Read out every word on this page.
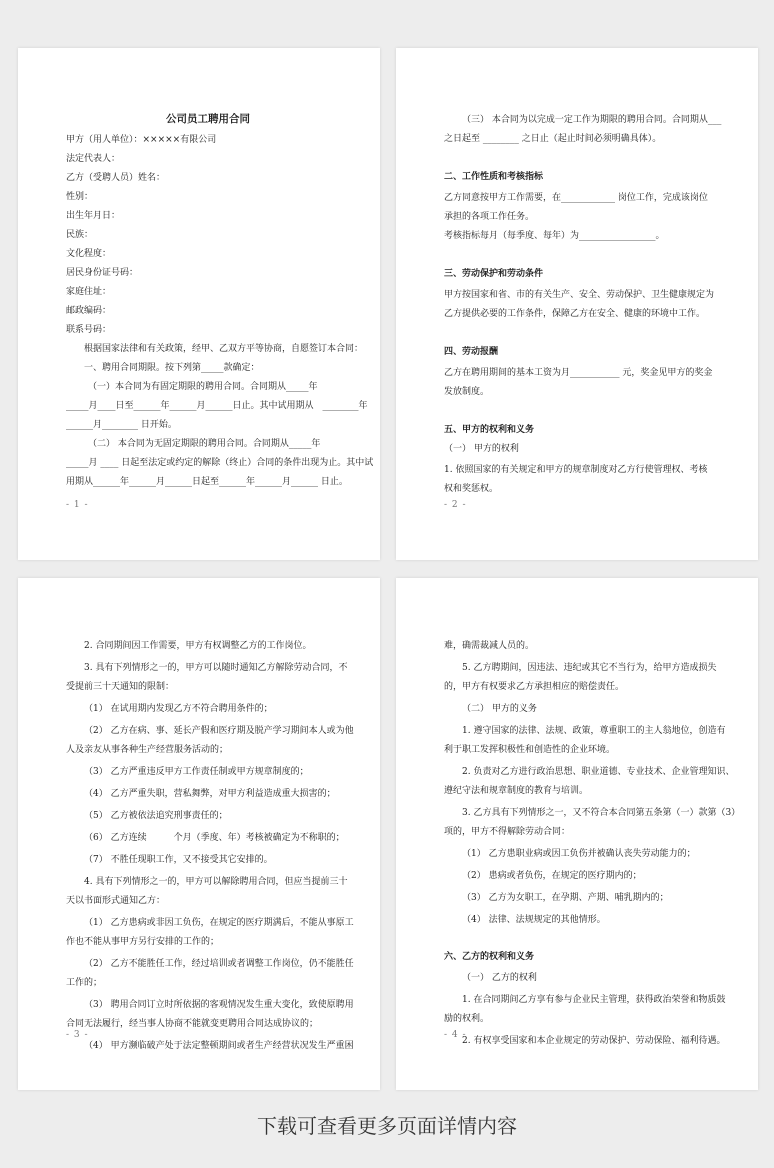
公司员工聘用合同
甲方（用人单位）：×××××有限公司
法定代表人：
乙方（受聘人员）姓名：
性别：
出生年月日：
民族：
文化程度：
居民身份证号码：
家庭住址：
邮政编码：
联系号码：
根据国家法律和有关政策，经甲、乙双方平等协商，自愿签订本合同：
一、聘用合同期限。按下列第_____款确定：
（一）本合同为有固定期限的聘用合同。合同期从_____年
_____月____日至______年______月______日止。其中试用期从　________年
______月________ 日开始。
（二） 本合同为无固定期限的聘用合同。合同期从_____年
_____月 ____ 日起至法定或约定的解除（终止）合同的条件出现为止。其中试
用期从______年______月______日起至______年______月______ 日止。
- 1 -
（三） 本合同为以完成一定工作为期限的聘用合同。合同期从___
之日起至 ________ 之日止（起止时间必须明确具体）。
二、工作性质和考核指标
乙方同意按甲方工作需要，在____________ 岗位工作，完成该岗位
承担的各项工作任务。
考核指标每月（每季度、每年）为_________________。
三、劳动保护和劳动条件
甲方按国家和省、市的有关生产、安全、劳动保护、卫生健康规定为
乙方提供必要的工作条件，保障乙方在安全、健康的环境中工作。
四、劳动报酬
乙方在聘用期间的基本工资为月___________ 元，奖金见甲方的奖金
发放制度。
五、甲方的权利和义务
（一） 甲方的权利
1. 依照国家的有关规定和甲方的规章制度对乙方行使管理权、考核
权和奖惩权。
- 2 -
2. 合同期间因工作需要，甲方有权调整乙方的工作岗位。
3. 具有下列情形之一的，甲方可以随时通知乙方解除劳动合同，不
受提前三十天通知的限制：
（1） 在试用期内发现乙方不符合聘用条件的；
（2） 乙方在病、事、延长产假和医疗期及脱产学习期间本人或为他
人及亲友从事各种生产经营服务活动的；
（3） 乙方严重违反甲方工作责任制或甲方规章制度的；
（4） 乙方严重失职，营私舞弊，对甲方利益造成重大损害的；
（5） 乙方被依法追究刑事责任的；
（6） 乙方连续　　　个月（季度、年）考核被确定为不称职的；
（7） 不胜任现职工作，又不接受其它安排的。
4. 具有下列情形之一的，甲方可以解除聘用合同，但应当提前三十
天以书面形式通知乙方：
（1） 乙方患病或非因工负伤，在规定的医疗期满后，不能从事原工
作也不能从事甲方另行安排的工作的；
（2） 乙方不能胜任工作，经过培训或者调整工作岗位，仍不能胜任
工作的；
（3） 聘用合同订立时所依据的客观情况发生重大变化，致使原聘用
合同无法履行，经当事人协商不能就变更聘用合同达成协议的；
（4） 甲方濒临破产处于法定整顿期间或者生产经营状况发生严重困
- 3 -
难，确需裁减人员的。
5. 乙方聘期间，因违法、违纪或其它不当行为，给甲方造成损失
的，甲方有权要求乙方承担相应的赔偿责任。
（二） 甲方的义务
1. 遵守国家的法律、法规、政策，尊重职工的主人翁地位，创造有
利于职工发挥积极性和创造性的企业环境。
2. 负责对乙方进行政治思想、职业道德、专业技术、企业管理知识、
遵纪守法和规章制度的教育与培训。
3. 乙方具有下列情形之一，又不符合本合同第五条第（一）款第（3）
项的，甲方不得解除劳动合同：
（1） 乙方患职业病或因工负伤并被确认丧失劳动能力的；
（2） 患病或者负伤，在规定的医疗期内的；
（3） 乙方为女职工，在孕期、产期、哺乳期内的；
（4） 法律、法规规定的其他情形。
六、乙方的权利和义务
（一） 乙方的权利
1. 在合同期间乙方享有参与企业民主管理，获得政治荣誉和物质鼓
励的权利。
2. 有权享受国家和本企业规定的劳动保护、劳动保险、福利待遇。
- 4 -
下载可查看更多页面详情内容
